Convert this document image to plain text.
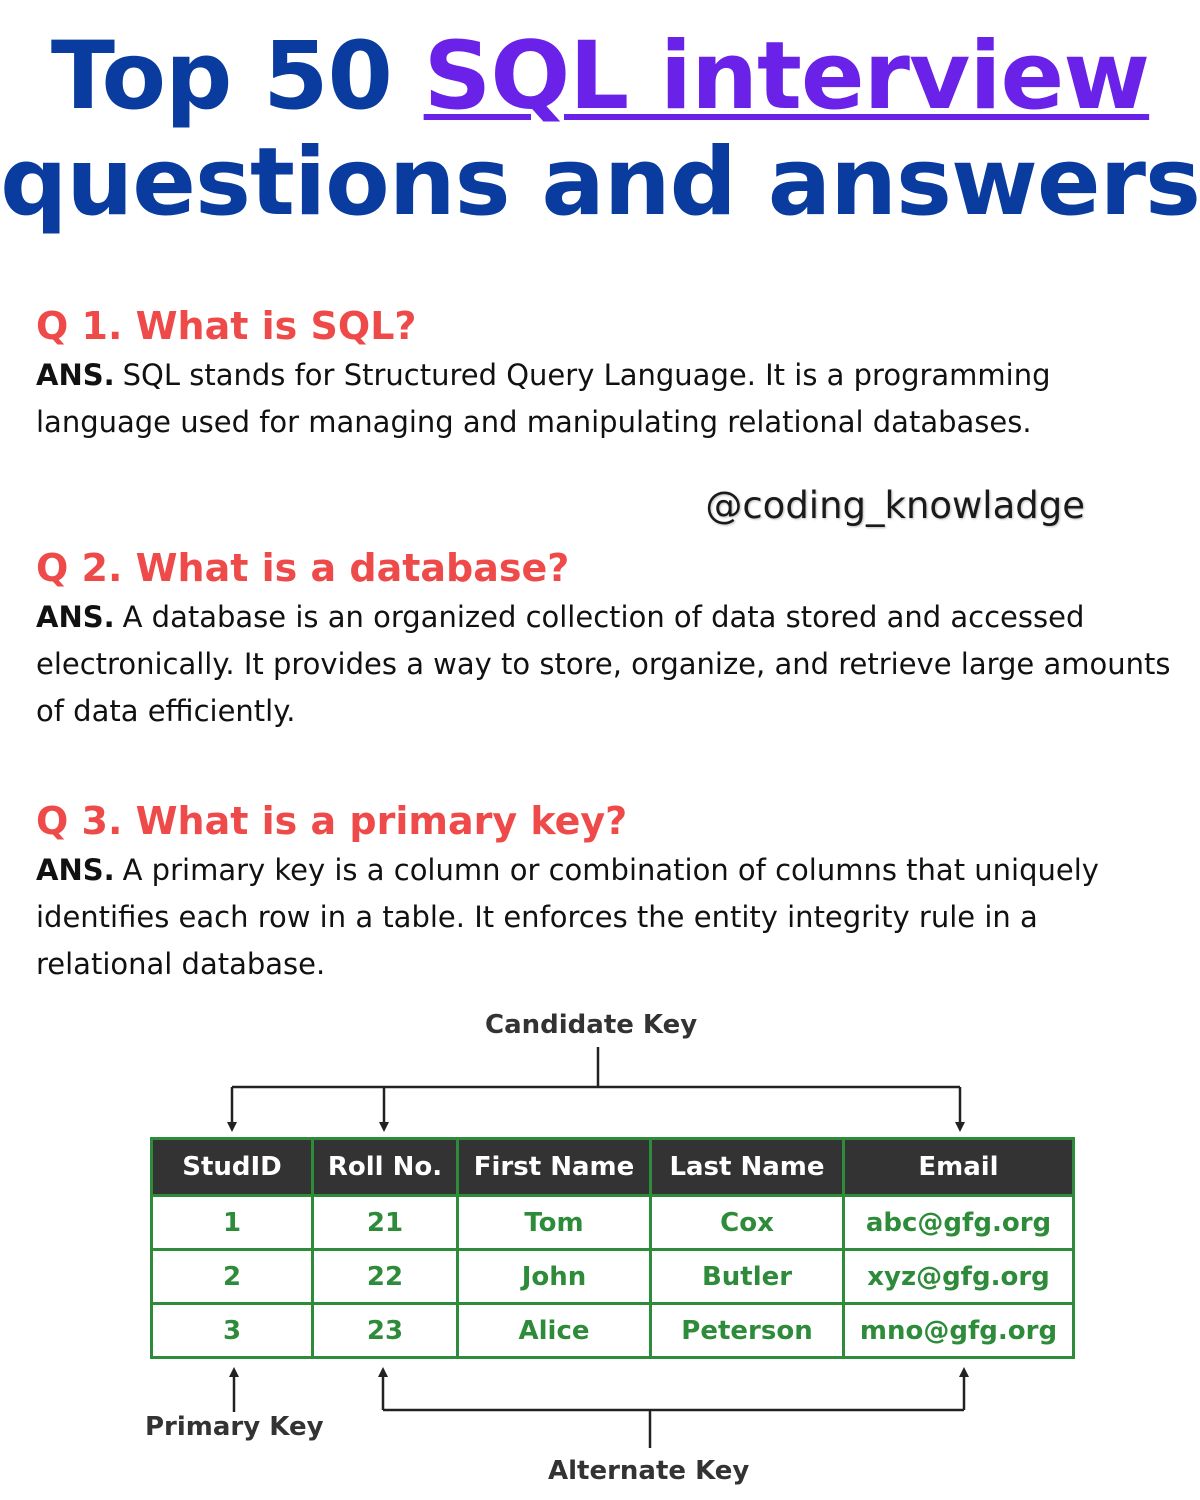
Top 50 SQL interview
questions and answers

Q 1. What is SQL?

ANS. SQL stands for Structured Query Language. It is a programming language used for managing and manipulating relational databases.

@coding_knowladge

Q 2. What is a database?

ANS. A database is an organized collection of data stored and accessed electronically. It provides a way to store, organize, and retrieve large amounts of data efficiently.

Q 3. What is a primary key?

ANS. A primary key is a column or combination of columns that uniquely identifies each row in a table. It enforces the entity integrity rule in a relational database.

Candidate Key
StudID	Roll No.	First Name	Last Name	Email
1	21	Tom	Cox	abc@gfg.org
2	22	John	Butler	xyz@gfg.org
3	23	Alice	Peterson	mno@gfg.org
Primary Key
Alternate Key
